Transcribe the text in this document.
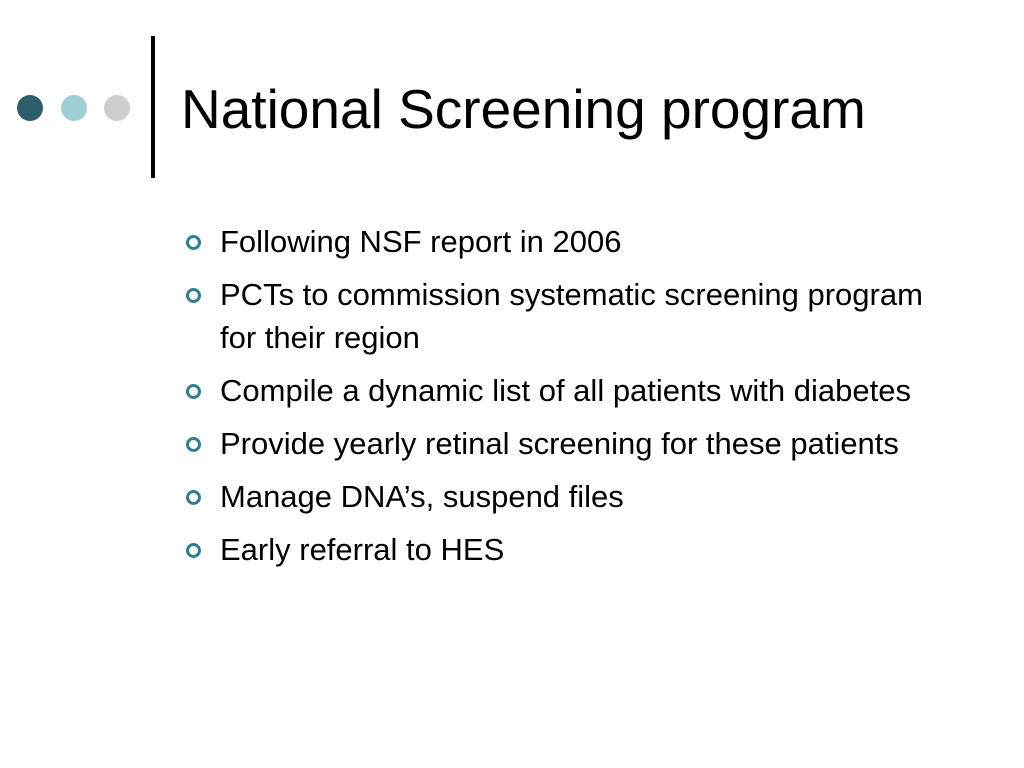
National Screening program
Following NSF report in 2006
PCTs to commission systematic screening program for their region
Compile a dynamic list of all patients with diabetes
Provide yearly retinal screening for these patients
Manage DNA’s, suspend files
Early referral to HES
